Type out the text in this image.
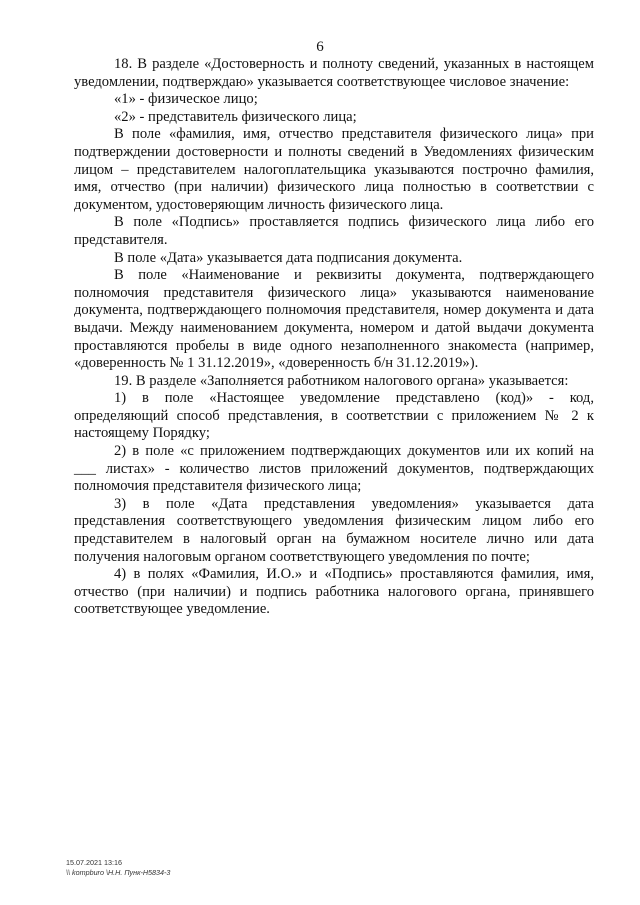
6

18. В разделе «Достоверность и полноту сведений, указанных в настоящем уведомлении, подтверждаю» указывается соответствующее числовое значение:

«1» - физическое лицо;

«2» - представитель физического лица;

В поле «фамилия, имя, отчество представителя физического лица» при подтверждении достоверности и полноты сведений в Уведомлениях физическим лицом – представителем налогоплательщика указываются построчно фамилия, имя, отчество (при наличии) физического лица полностью в соответствии с документом, удостоверяющим личность физического лица.

В поле «Подпись» проставляется подпись физического лица либо его представителя.

В поле «Дата» указывается дата подписания документа.

В поле «Наименование и реквизиты документа, подтверждающего полномочия представителя физического лица» указываются наименование документа, подтверждающего полномочия представителя, номер документа и дата выдачи. Между наименованием документа, номером и датой выдачи документа проставляются пробелы в виде одного незаполненного знакоместа (например, «доверенность № 1 31.12.2019», «доверенность б/н 31.12.2019»).

19. В разделе «Заполняется работником налогового органа» указывается:

1) в поле «Настоящее уведомление представлено (код)» - код, определяющий способ представления, в соответствии с приложением № 2 к настоящему Порядку;

2) в поле «с приложением подтверждающих документов или их копий на ___ листах» - количество листов приложений документов, подтверждающих полномочия представителя физического лица;

3) в поле «Дата представления уведомления» указывается дата представления соответствующего уведомления физическим лицом либо его представителем в налоговый орган на бумажном носителе лично или дата получения налоговым органом соответствующего уведомления по почте;

4) в полях «Фамилия, И.О.» и «Подпись» проставляются фамилия, имя, отчество (при наличии) и подпись работника налогового органа, принявшего соответствующее уведомление.

15.07.2021 13:16
\\ kompburo \Н.Н. Пунк-Н5834-3
